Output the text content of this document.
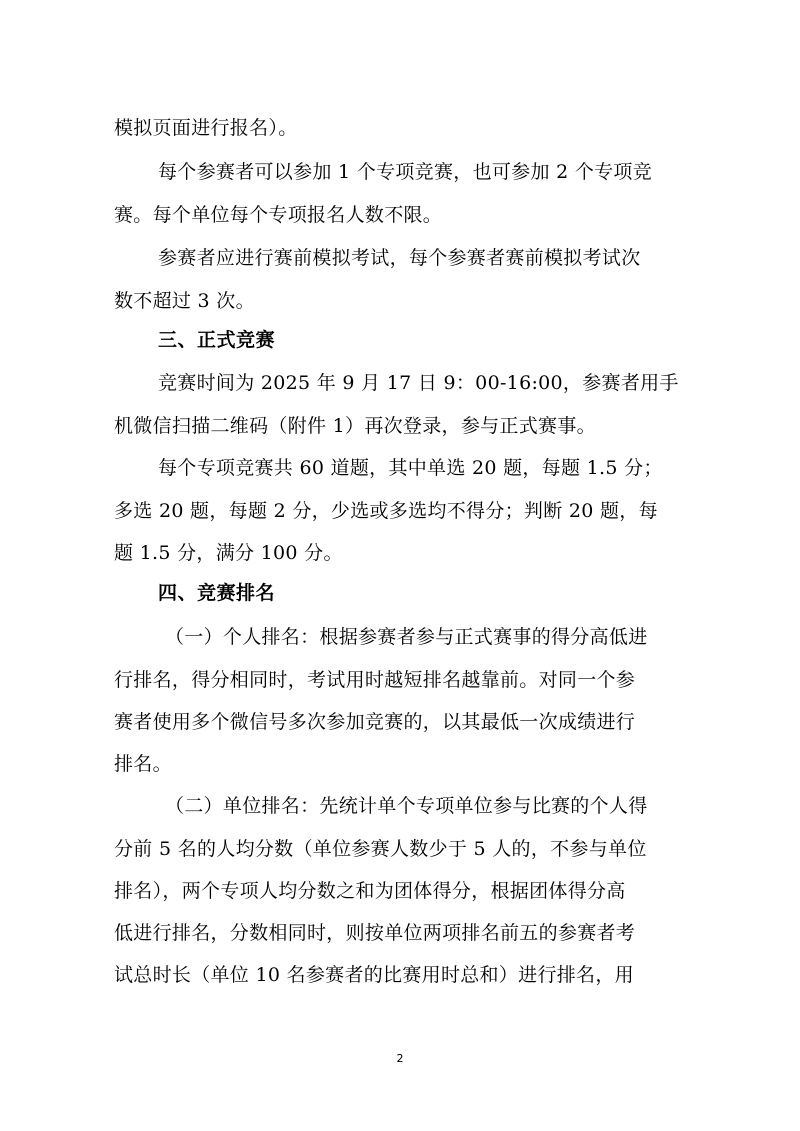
模拟页面进行报名）。
每个参赛者可以参加 1 个专项竞赛，也可参加 2 个专项竞
赛。每个单位每个专项报名人数不限。
参赛者应进行赛前模拟考试，每个参赛者赛前模拟考试次
数不超过 3 次。
三、正式竞赛
竞赛时间为 2025 年 9 月 17 日 9：00-16:00，参赛者用手
机微信扫描二维码（附件 1）再次登录，参与正式赛事。
每个专项竞赛共 60 道题，其中单选 20 题，每题 1.5 分；
多选 20 题，每题 2 分，少选或多选均不得分；判断 20 题，每
题 1.5 分，满分 100 分。
四、竞赛排名
（一）个人排名：根据参赛者参与正式赛事的得分高低进
行排名，得分相同时，考试用时越短排名越靠前。对同一个参
赛者使用多个微信号多次参加竞赛的，以其最低一次成绩进行
排名。
（二）单位排名：先统计单个专项单位参与比赛的个人得
分前 5 名的人均分数（单位参赛人数少于 5 人的，不参与单位
排名），两个专项人均分数之和为团体得分，根据团体得分高
低进行排名，分数相同时，则按单位两项排名前五的参赛者考
试总时长（单位 10 名参赛者的比赛用时总和）进行排名，用
2
